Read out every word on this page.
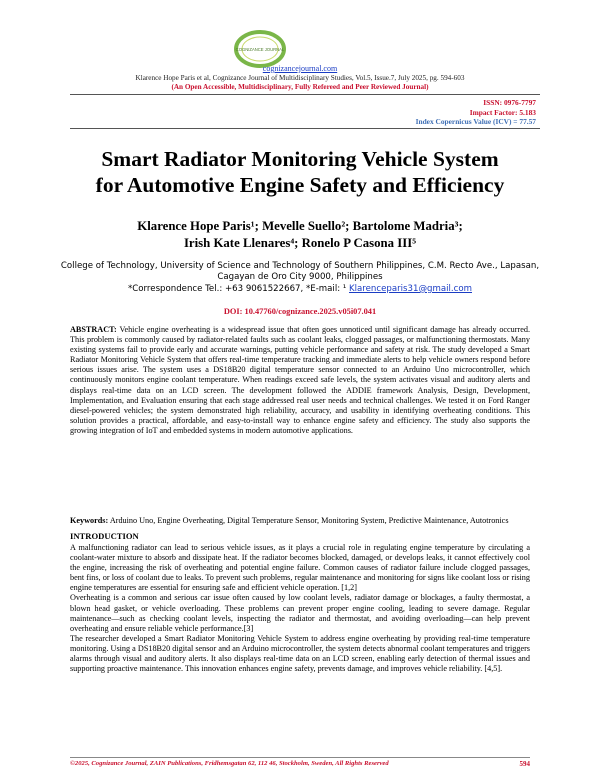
COGNIZANCE JOURNAL
cognizancejournal.com
Klarence Hope Paris et al, Cognizance Journal of Multidisciplinary Studies, Vol.5, Issue.7, July 2025, pg. 594-603
(An Open Accessible, Multidisciplinary, Fully Refereed and Peer Reviewed Journal)
ISSN: 0976-7797
Impact Factor: 5.183
Index Copernicus Value (ICV) = 77.57
Smart Radiator Monitoring Vehicle System
for Automotive Engine Safety and Efficiency
Klarence Hope Paris¹; Mevelle Suello²; Bartolome Madria³;
Irish Kate Llenares⁴; Ronelo P Casona III⁵
College of Technology, University of Science and Technology of Southern Philippines, C.M. Recto Ave., Lapasan,
Cagayan de Oro City 9000, Philippines
*Correspondence Tel.: +63 9061522667, *E-mail: ¹ Klarenceparis31@gmail.com
DOI: 10.47760/cognizance.2025.v05i07.041
ABSTRACT: Vehicle engine overheating is a widespread issue that often goes unnoticed until significant damage has already occurred. This problem is commonly caused by radiator-related faults such as coolant leaks, clogged passages, or malfunctioning thermostats. Many existing systems fail to provide early and accurate warnings, putting vehicle performance and safety at risk. The study developed a Smart Radiator Monitoring Vehicle System that offers real-time temperature tracking and immediate alerts to help vehicle owners respond before serious issues arise. The system uses a DS18B20 digital temperature sensor connected to an Arduino Uno microcontroller, which continuously monitors engine coolant temperature. When readings exceed safe levels, the system activates visual and auditory alerts and displays real-time data on an LCD screen. The development followed the ADDIE framework Analysis, Design, Development, Implementation, and Evaluation ensuring that each stage addressed real user needs and technical challenges. We tested it on Ford Ranger diesel-powered vehicles; the system demonstrated high reliability, accuracy, and usability in identifying overheating conditions. This solution provides a practical, affordable, and easy-to-install way to enhance engine safety and efficiency. The study also supports the growing integration of IoT and embedded systems in modern automotive applications.
Keywords: Arduino Uno, Engine Overheating, Digital Temperature Sensor, Monitoring System, Predictive Maintenance, Autotronics
INTRODUCTION

A malfunctioning radiator can lead to serious vehicle issues, as it plays a crucial role in regulating engine temperature by circulating a coolant-water mixture to absorb and dissipate heat. If the radiator becomes blocked, damaged, or develops leaks, it cannot effectively cool the engine, increasing the risk of overheating and potential engine failure. Common causes of radiator failure include clogged passages, bent fins, or loss of coolant due to leaks. To prevent such problems, regular maintenance and monitoring for signs like coolant loss or rising engine temperatures are essential for ensuring safe and efficient vehicle operation. [1,2]

Overheating is a common and serious car issue often caused by low coolant levels, radiator damage or blockages, a faulty thermostat, a blown head gasket, or vehicle overloading. These problems can prevent proper engine cooling, leading to severe damage. Regular maintenance—such as checking coolant levels, inspecting the radiator and thermostat, and avoiding overloading—can help prevent overheating and ensure reliable vehicle performance.[3]

The researcher developed a Smart Radiator Monitoring Vehicle System to address engine overheating by providing real-time temperature monitoring. Using a DS18B20 digital sensor and an Arduino microcontroller, the system detects abnormal coolant temperatures and triggers alarms through visual and auditory alerts. It also displays real-time data on an LCD screen, enabling early detection of thermal issues and supporting proactive maintenance. This innovation enhances engine safety, prevents damage, and improves vehicle reliability. [4,5].

©2025, Cognizance Journal, ZAIN Publications, Fridhemsgatan 62, 112 46, Stockholm, Sweden, All Rights Reserved	594
